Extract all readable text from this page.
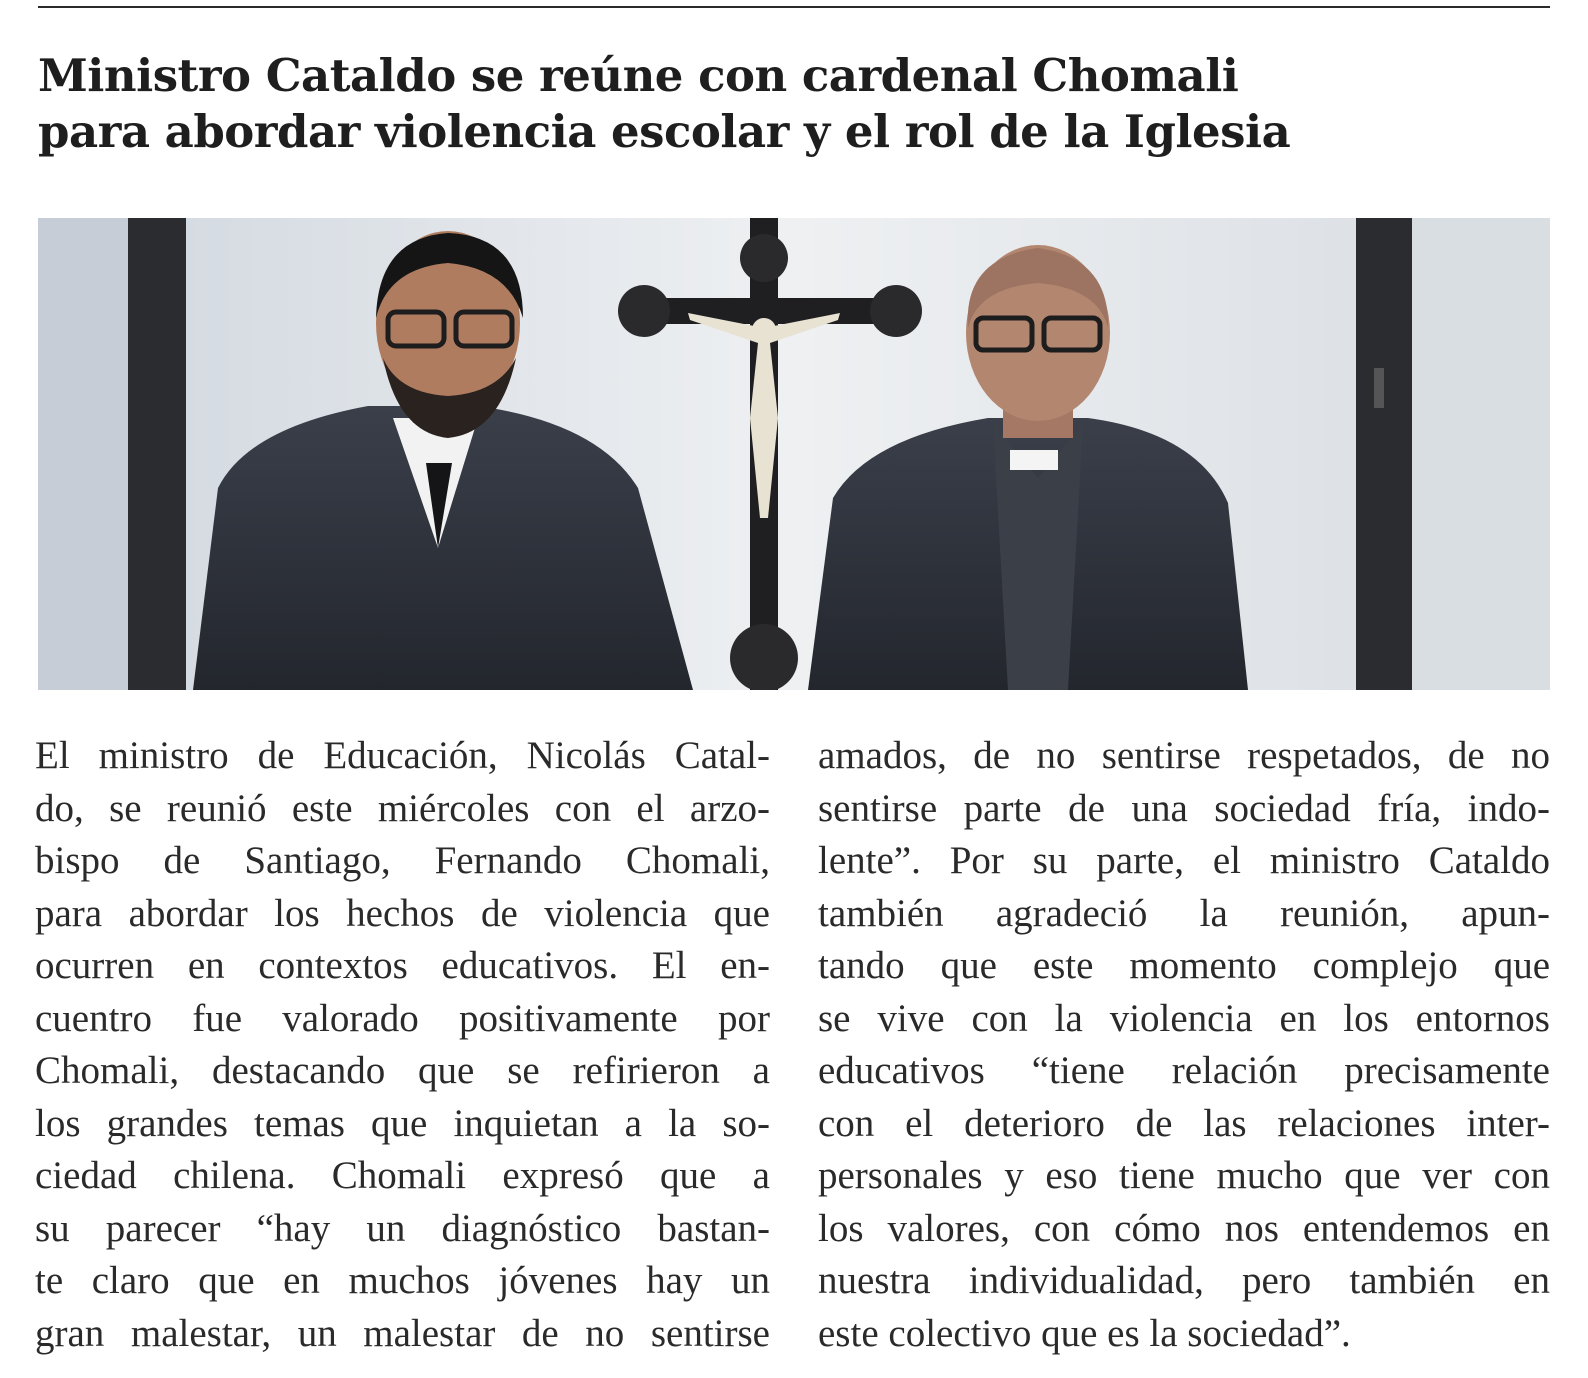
Ministro Cataldo se reúne con cardenal Chomali
para abordar violencia escolar y el rol de la Iglesia
El ministro de Educación, Nicolás Catal-
do, se reunió este miércoles con el arzo-
bispo de Santiago, Fernando Chomali,
para abordar los hechos de violencia que
ocurren en contextos educativos. El en-
cuentro fue valorado positivamente por
Chomali, destacando que se refirieron a
los grandes temas que inquietan a la so-
ciedad chilena. Chomali expresó que a
su parecer “hay un diagnóstico bastan-
te claro que en muchos jóvenes hay un
gran malestar, un malestar de no sentirse
amados, de no sentirse respetados, de no
sentirse parte de una sociedad fría, indo-
lente”. Por su parte, el ministro Cataldo
también agradeció la reunión, apun-
tando que este momento complejo que
se vive con la violencia en los entornos
educativos “tiene relación precisamente
con el deterioro de las relaciones inter-
personales y eso tiene mucho que ver con
los valores, con cómo nos entendemos en
nuestra individualidad, pero también en
este colectivo que es la sociedad”.
